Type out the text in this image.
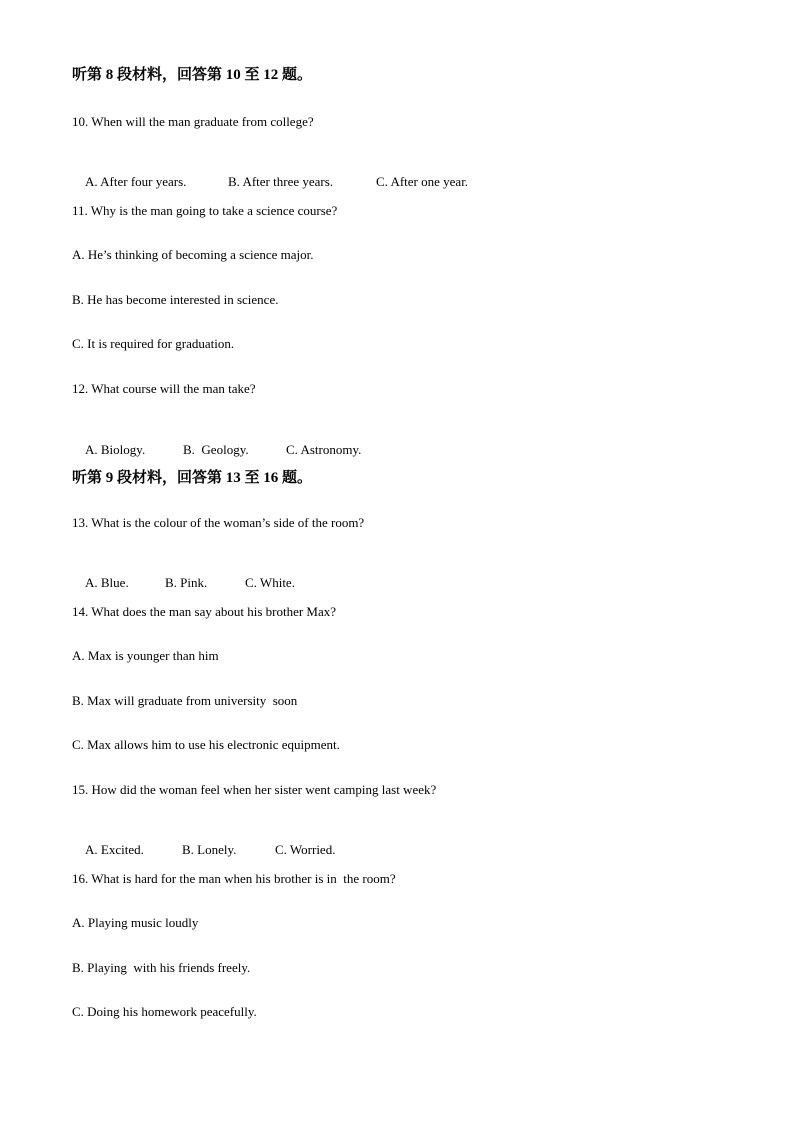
听第 8 段材料，回答第 10 至 12 题。
10. When will the man graduate from college?

A. After four years.	B. After three years.	C. After one year.

11. Why is the man going to take a science course?
A. He’s thinking of becoming a science major.
B. He has become interested in science.
C. It is required for graduation.
12. What course will the man take?

A. Biology.	B.  Geology.	C. Astronomy.

听第 9 段材料，回答第 13 至 16 题。
13. What is the colour of the woman’s side of the room?

A. Blue.	B. Pink.	C. White.

14. What does the man say about his brother Max?
A. Max is younger than him
B. Max will graduate from university  soon
C. Max allows him to use his electronic equipment.
15. How did the woman feel when her sister went camping last week?

A. Excited.	B. Lonely.	C. Worried.

16. What is hard for the man when his brother is in  the room?
A. Playing music loudly
B. Playing  with his friends freely.
C. Doing his homework peacefully.
